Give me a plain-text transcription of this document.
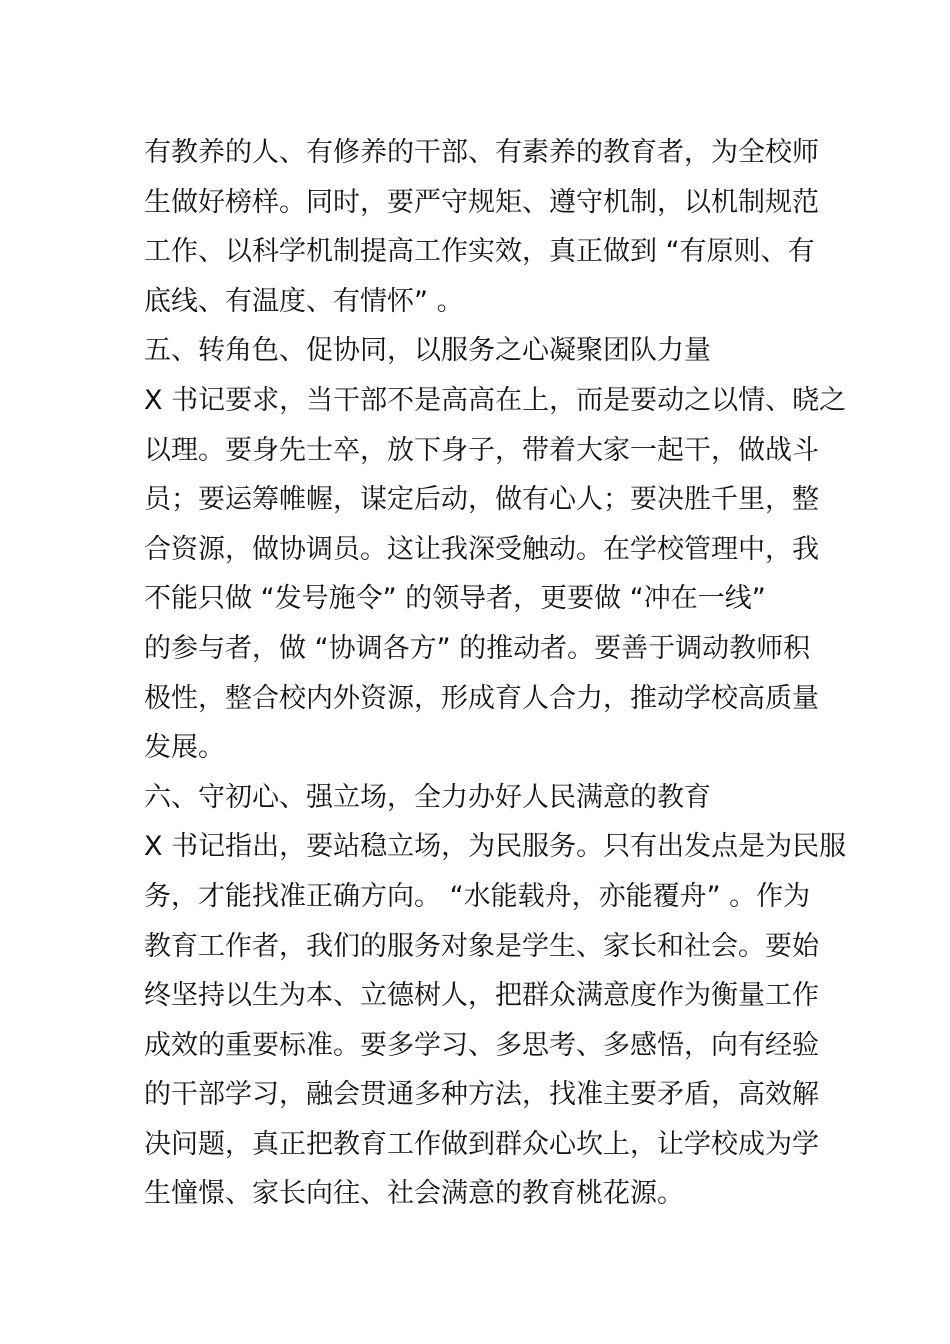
有教养的人、有修养的干部、有素养的教育者，为全校师
生做好榜样。同时，要严守规矩、遵守机制，以机制规范
工作、以科学机制提高工作实效，真正做到 “有原则、有
底线、有温度、有情怀” 。
五、转角色、促协同，以服务之心凝聚团队力量
X 书记要求，当干部不是高高在上，而是要动之以情、晓之
以理。要身先士卒，放下身子，带着大家一起干，做战斗
员；要运筹帷幄，谋定后动，做有心人；要决胜千里，整
合资源，做协调员。这让我深受触动。在学校管理中，我
不能只做 “发号施令” 的领导者，更要做 “冲在一线”
的参与者，做 “协调各方” 的推动者。要善于调动教师积
极性，整合校内外资源，形成育人合力，推动学校高质量
发展。
六、守初心、强立场，全力办好人民满意的教育
X 书记指出，要站稳立场，为民服务。只有出发点是为民服
务，才能找准正确方向。 “水能载舟，亦能覆舟” 。作为
教育工作者，我们的服务对象是学生、家长和社会。要始
终坚持以生为本、立德树人，把群众满意度作为衡量工作
成效的重要标准。要多学习、多思考、多感悟，向有经验
的干部学习，融会贯通多种方法，找准主要矛盾，高效解
决问题，真正把教育工作做到群众心坎上，让学校成为学
生憧憬、家长向往、社会满意的教育桃花源。
